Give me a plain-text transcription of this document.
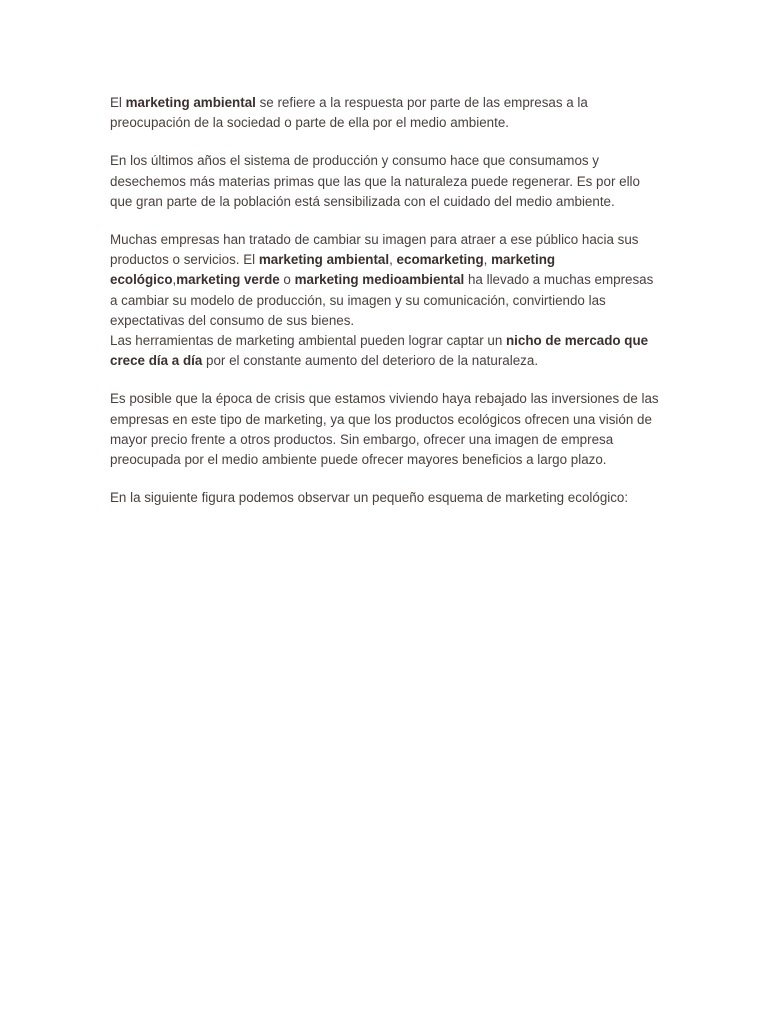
El marketing ambiental se refiere a la respuesta por parte de las empresas a la preocupación de la sociedad o parte de ella por el medio ambiente.

En los últimos años el sistema de producción y consumo hace que consumamos y desechemos más materias primas que las que la naturaleza puede regenerar. Es por ello que gran parte de la población está sensibilizada con el cuidado del medio ambiente.

Muchas empresas han tratado de cambiar su imagen para atraer a ese público hacia sus productos o servicios. El marketing ambiental, ecomarketing, marketing ecológico,marketing verde o marketing medioambiental ha llevado a muchas empresas a cambiar su modelo de producción, su imagen y su comunicación, convirtiendo las expectativas del consumo de sus bienes.
Las herramientas de marketing ambiental pueden lograr captar un nicho de mercado que crece día a día por el constante aumento del deterioro de la naturaleza.

Es posible que la época de crisis que estamos viviendo haya rebajado las inversiones de las empresas en este tipo de marketing, ya que los productos ecológicos ofrecen una visión de mayor precio frente a otros productos. Sin embargo, ofrecer una imagen de empresa preocupada por el medio ambiente puede ofrecer mayores beneficios a largo plazo.

En la siguiente figura podemos observar un pequeño esquema de marketing ecológico:
